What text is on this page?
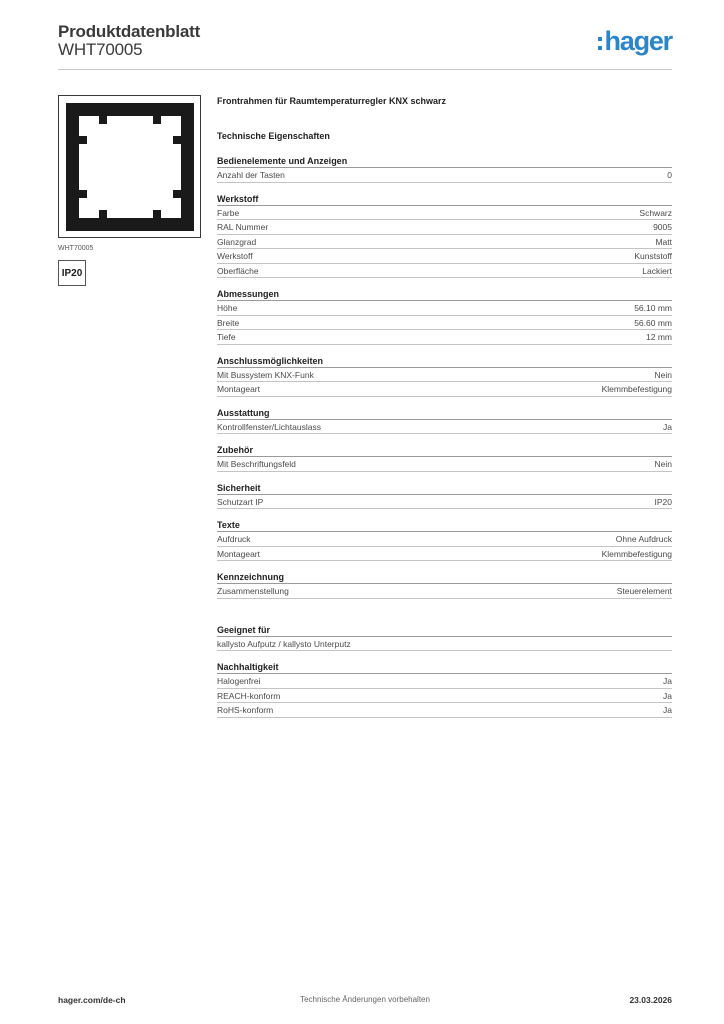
Produktdatenblatt
WHT70005	hager
WHT70005
IP20
Frontrahmen für Raumtemperaturregler KNX schwarz
Technische Eigenschaften
Bedienelemente und Anzeigen
Anzahl der Tasten	0
Werkstoff
Farbe	Schwarz
RAL Nummer	9005
Glanzgrad	Matt
Werkstoff	Kunststoff
Oberfläche	Lackiert
Abmessungen
Höhe	56.10 mm
Breite	56.60 mm
Tiefe	12 mm
Anschlussmöglichkeiten
Mit Bussystem KNX-Funk	Nein
Montageart	Klemmbefestigung
Ausstattung
Kontrollfenster/Lichtauslass	Ja
Zubehör
Mit Beschriftungsfeld	Nein
Sicherheit
Schutzart IP	IP20
Texte
Aufdruck	Ohne Aufdruck
Montageart	Klemmbefestigung
Kennzeichnung
Zusammenstellung	Steuerelement
Geeignet für
kallysto Aufputz / kallysto Unterputz
Nachhaltigkeit
Halogenfrei	Ja
REACH-konform	Ja
RoHS-konform	Ja
hager.com/de-ch	Technische Änderungen vorbehalten	23.03.2026
